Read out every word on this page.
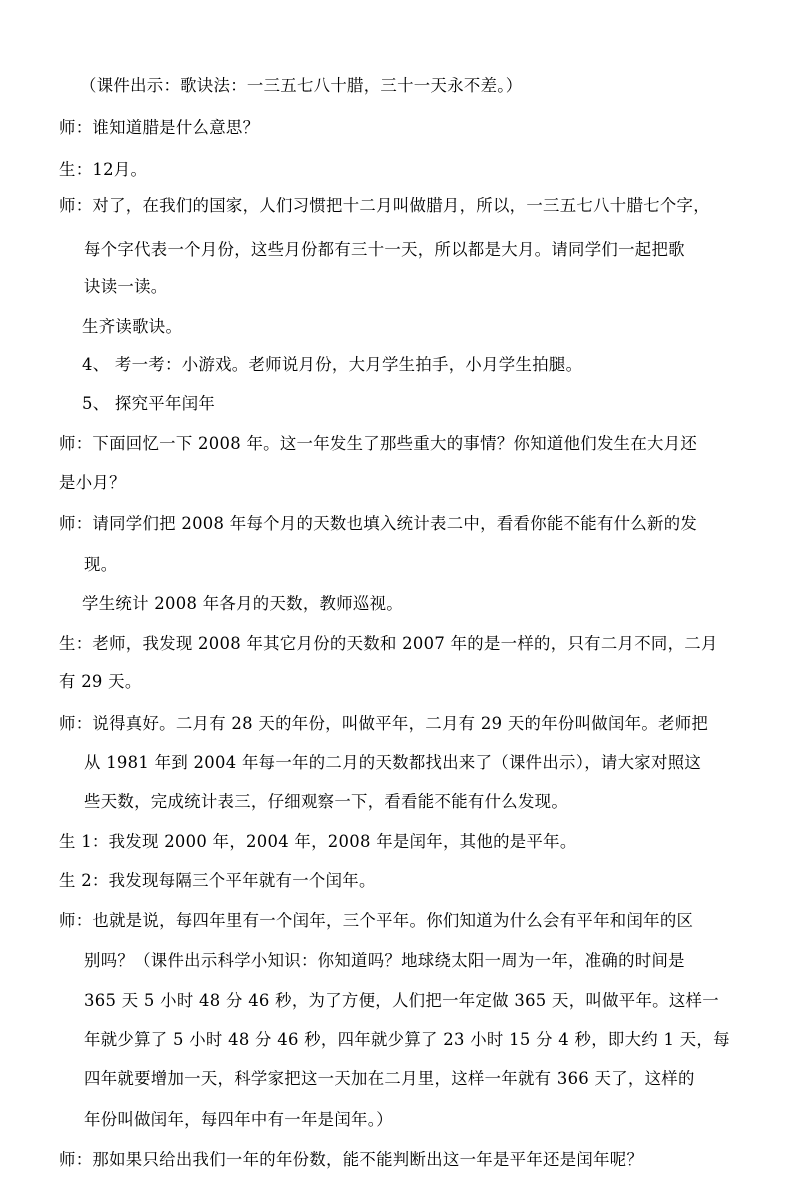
（课件出示：歌诀法：一三五七八十腊，三十一天永不差。）
师：谁知道腊是什么意思？
生：12月。
师：对了，在我们的国家，人们习惯把十二月叫做腊月，所以，一三五七八十腊七个字，
每个字代表一个月份，这些月份都有三十一天，所以都是大月。请同学们一起把歌
诀读一读。
生齐读歌诀。
4、 考一考：小游戏。老师说月份，大月学生拍手，小月学生拍腿。
5、 探究平年闰年
师：下面回忆一下 2008 年。这一年发生了那些重大的事情？你知道他们发生在大月还
是小月？
师：请同学们把 2008 年每个月的天数也填入统计表二中，看看你能不能有什么新的发
现。
学生统计 2008 年各月的天数，教师巡视。
生：老师，我发现 2008 年其它月份的天数和 2007 年的是一样的，只有二月不同，二月
有 29 天。
师：说得真好。二月有 28 天的年份，叫做平年，二月有 29 天的年份叫做闰年。老师把
从 1981 年到 2004 年每一年的二月的天数都找出来了（课件出示），请大家对照这
些天数，完成统计表三，仔细观察一下，看看能不能有什么发现。
生 1：我发现 2000 年，2004 年，2008 年是闰年，其他的是平年。
生 2：我发现每隔三个平年就有一个闰年。
师：也就是说，每四年里有一个闰年，三个平年。你们知道为什么会有平年和闰年的区
别吗？（课件出示科学小知识：你知道吗？地球绕太阳一周为一年，准确的时间是
365 天 5 小时 48 分 46 秒，为了方便，人们把一年定做 365 天，叫做平年。这样一
年就少算了 5 小时 48 分 46 秒，四年就少算了 23 小时 15 分 4 秒，即大约 1 天，每
四年就要增加一天，科学家把这一天加在二月里，这样一年就有 366 天了，这样的
年份叫做闰年，每四年中有一年是闰年。）
师：那如果只给出我们一年的年份数，能不能判断出这一年是平年还是闰年呢？
